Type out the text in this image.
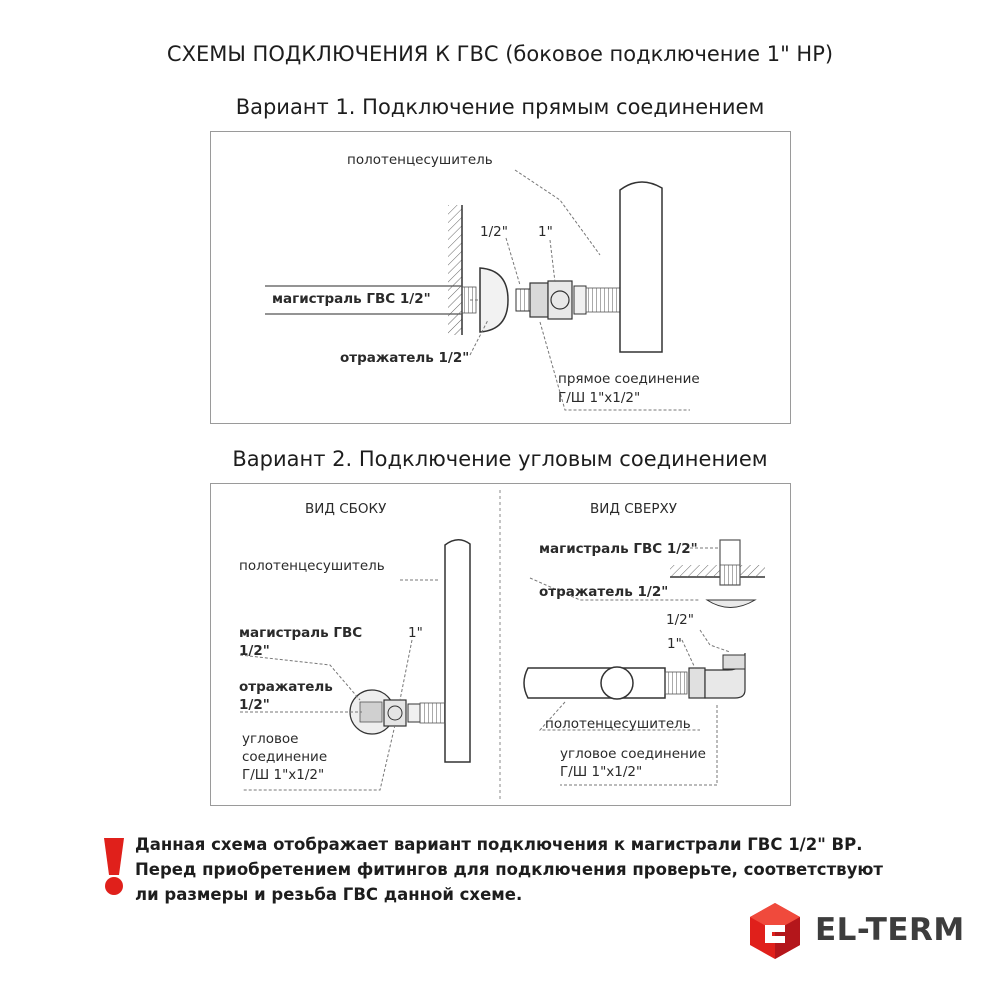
СХЕМЫ ПОДКЛЮЧЕНИЯ К ГВС (боковое подключение 1" НР)
Вариант 1. Подключение прямым соединением
Вариант 2. Подключение угловым соединением
полотенцесушитель
1/2" 1"
магистраль ГВС 1/2"
отражатель 1/2"
прямое соединение
Г/Ш 1"х1/2"
ВИД СБОКУ
полотенцесушитель
магистраль ГВС
1/2"
1"
отражатель
1/2"
угловое
соединение
Г/Ш 1"х1/2"
ВИД СВЕРХУ
магистраль ГВС 1/2"
отражатель 1/2"
1/2"
1"
полотенцесушитель
угловое соединение
Г/Ш 1"х1/2"
Данная схема отображает вариант подключения к магистрали ГВС 1/2" ВР.
Перед приобретением фитингов для подключения проверьте, соответствуют
ли размеры и резьба ГВС данной схеме.
EL-TERM
